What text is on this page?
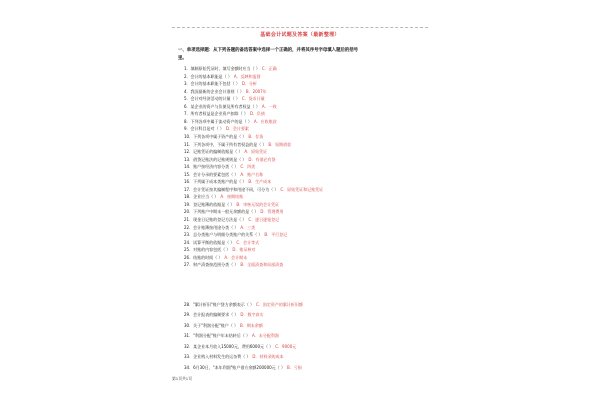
基础会计试题及答案（最新整理）
一、单项选择题：从下列各题的备选答案中选择一个正确的，并将其序号字母填入题后的括号
里。
1．填制原始凭证时，填写金额时应当（ ） C．正确
2．会计的基本职能是（ ） A．反映和监督
3．会计的基本职能不包括（ ） D．分析
4．我国最新的企业会计准则（ ） B．2007年
5．会计对经济活动的计量（ ） C．货币计量
6．某企业的资产与负债及所有者权益（ ） A．一致
7．所有者权益是企业资产扣除（ ） D．负债
8．下列各项中属于流动资产的是（ ） A．应收账款
9．会计科目是对（ ） D．会计要素
10．下列各项中属于资产的是（ ） B．存货
11．下列各项中，不属于所有者权益的是（ ） B．短期借款
12．记账凭证的编制依据是（ ） A．原始凭证
13．借贷记账法的记账规则是（ ） D．有借必有贷
14．账户按经济内容分类（ ） C．四类
15．会计分录的要素包括（ ） A．账户名称
16．下列属于成本类账户的是（ ） B．生产成本
17．会计凭证按其编制程序和用途不同，可分为（ ） C．原始凭证和记账凭证
18．企业应当（ ） A．按期结账
19．登记账簿的依据是（ ） B．审核无误的会计凭证
20．下列账户中期末一般无余额的是（ ） D．管理费用
21．现金日记账的登记方法是（ ） C．逐日逐笔登记
22．会计账簿按用途分类（ ） A．三类
23．总分类账户与明细分类账户的关系（ ） B．平行登记
24．试算平衡的依据是（ ） C．会计等式
25．对账的内容包括（ ） D．账证核对
26．结账的时间（ ） A．会计期末
27．财产清查按范围分类（ ） B．全面清查和局部清查
28．"累计折旧"账户贷方余额表示（ ） C．固定资产的累计折旧额
29．会计报表的编制要求（ ） D．数字真实
30．关于"利润分配"账户（ ） B．期末余额
31．"利润分配"账户年末结转后（ ） A．未分配利润
32．某企业本月收入15000元，费用6000元（ ） C．9000元
33．企业购入材料发生的运杂费（ ） D．材料采购成本
34．6月30日，"本年利润"账户借方余额200000元（ ） B．亏损
第1页共1页
